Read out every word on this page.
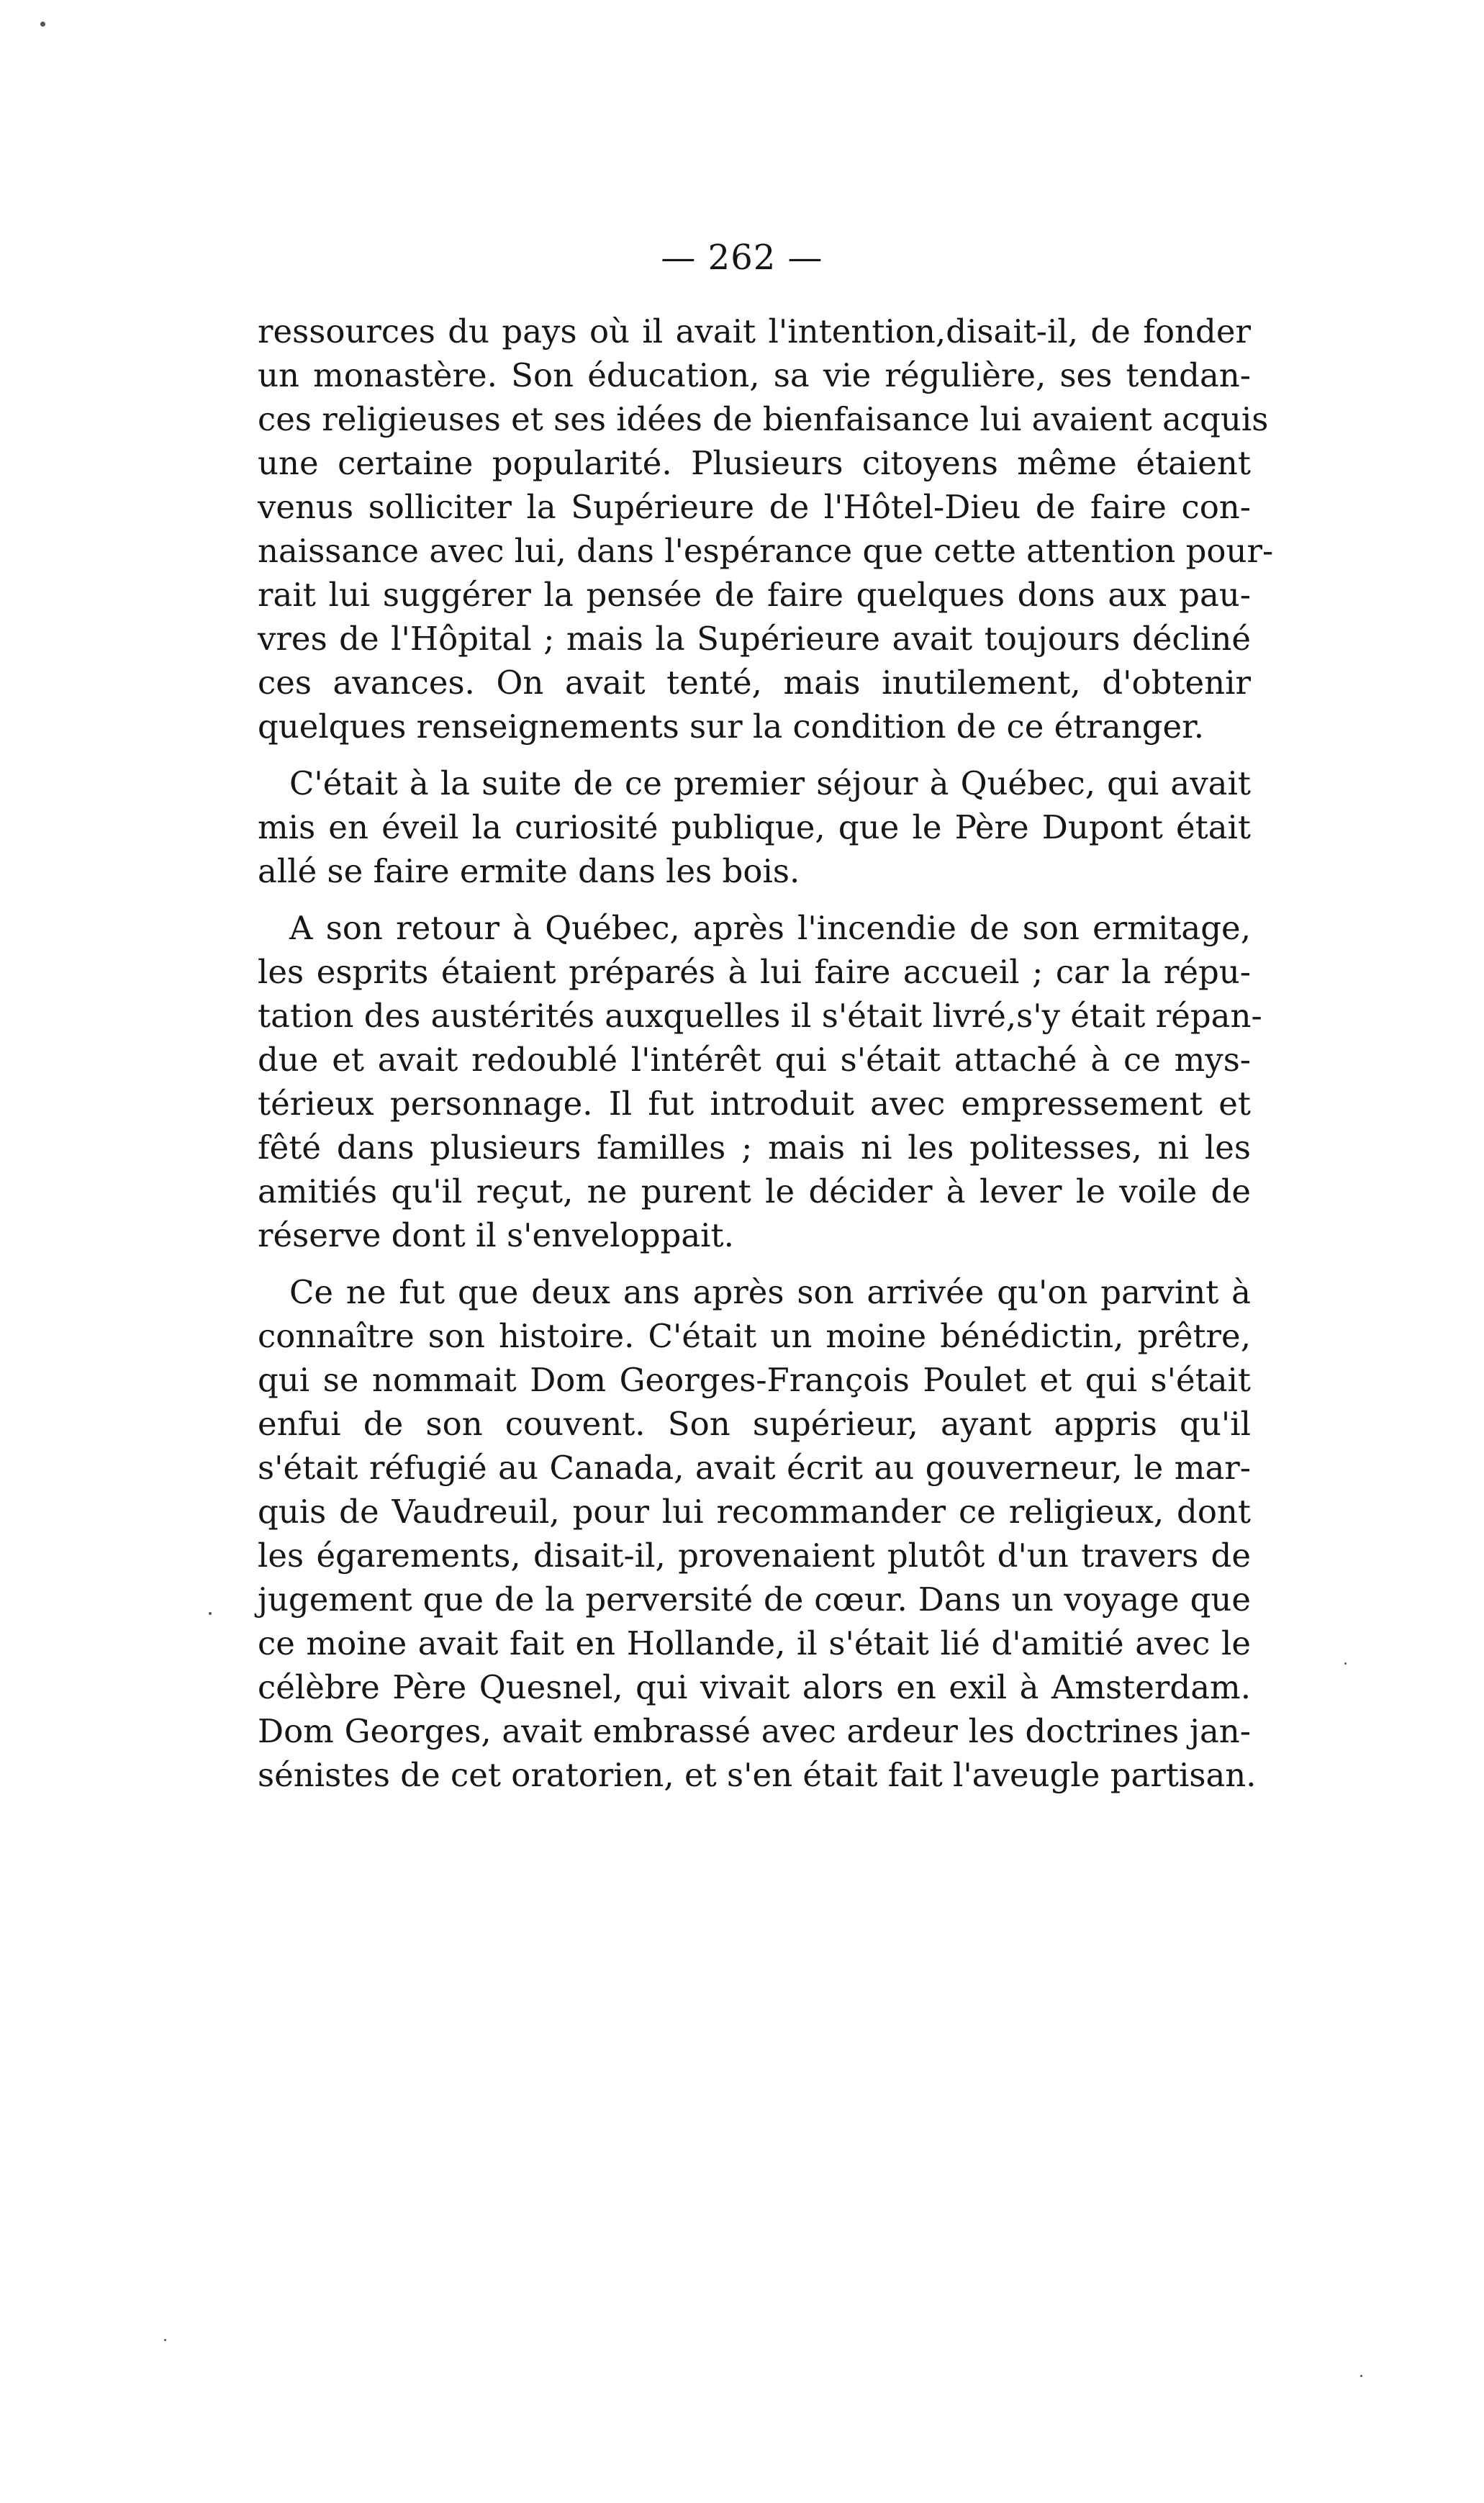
— 262 —
ressources du pays où il avait l'intention,disait-il, de fonder
un monastère. Son éducation, sa vie régulière, ses tendan-
ces religieuses et ses idées de bienfaisance lui avaient acquis
une certaine popularité. Plusieurs citoyens même étaient
venus solliciter la Supérieure de l'Hôtel-Dieu de faire con-
naissance avec lui, dans l'espérance que cette attention pour-
rait lui suggérer la pensée de faire quelques dons aux pau-
vres de l'Hôpital ; mais la Supérieure avait toujours décliné
ces avances. On avait tenté, mais inutilement, d'obtenir
quelques renseignements sur la condition de ce étranger.
C'était à la suite de ce premier séjour à Québec, qui avait
mis en éveil la curiosité publique, que le Père Dupont était
allé se faire ermite dans les bois.
A son retour à Québec, après l'incendie de son ermitage,
les esprits étaient préparés à lui faire accueil ; car la répu-
tation des austérités auxquelles il s'était livré,s'y était répan-
due et avait redoublé l'intérêt qui s'était attaché à ce mys-
térieux personnage. Il fut introduit avec empressement et
fêté dans plusieurs familles ; mais ni les politesses, ni les
amitiés qu'il reçut, ne purent le décider à lever le voile de
réserve dont il s'enveloppait.
Ce ne fut que deux ans après son arrivée qu'on parvint à
connaître son histoire. C'était un moine bénédictin, prêtre,
qui se nommait Dom Georges-François Poulet et qui s'était
enfui de son couvent. Son supérieur, ayant appris qu'il
s'était réfugié au Canada, avait écrit au gouverneur, le mar-
quis de Vaudreuil, pour lui recommander ce religieux, dont
les égarements, disait-il, provenaient plutôt d'un travers de
jugement que de la perversité de cœur. Dans un voyage que
ce moine avait fait en Hollande, il s'était lié d'amitié avec le
célèbre Père Quesnel, qui vivait alors en exil à Amsterdam.
Dom Georges, avait embrassé avec ardeur les doctrines jan-
sénistes de cet oratorien, et s'en était fait l'aveugle partisan.
